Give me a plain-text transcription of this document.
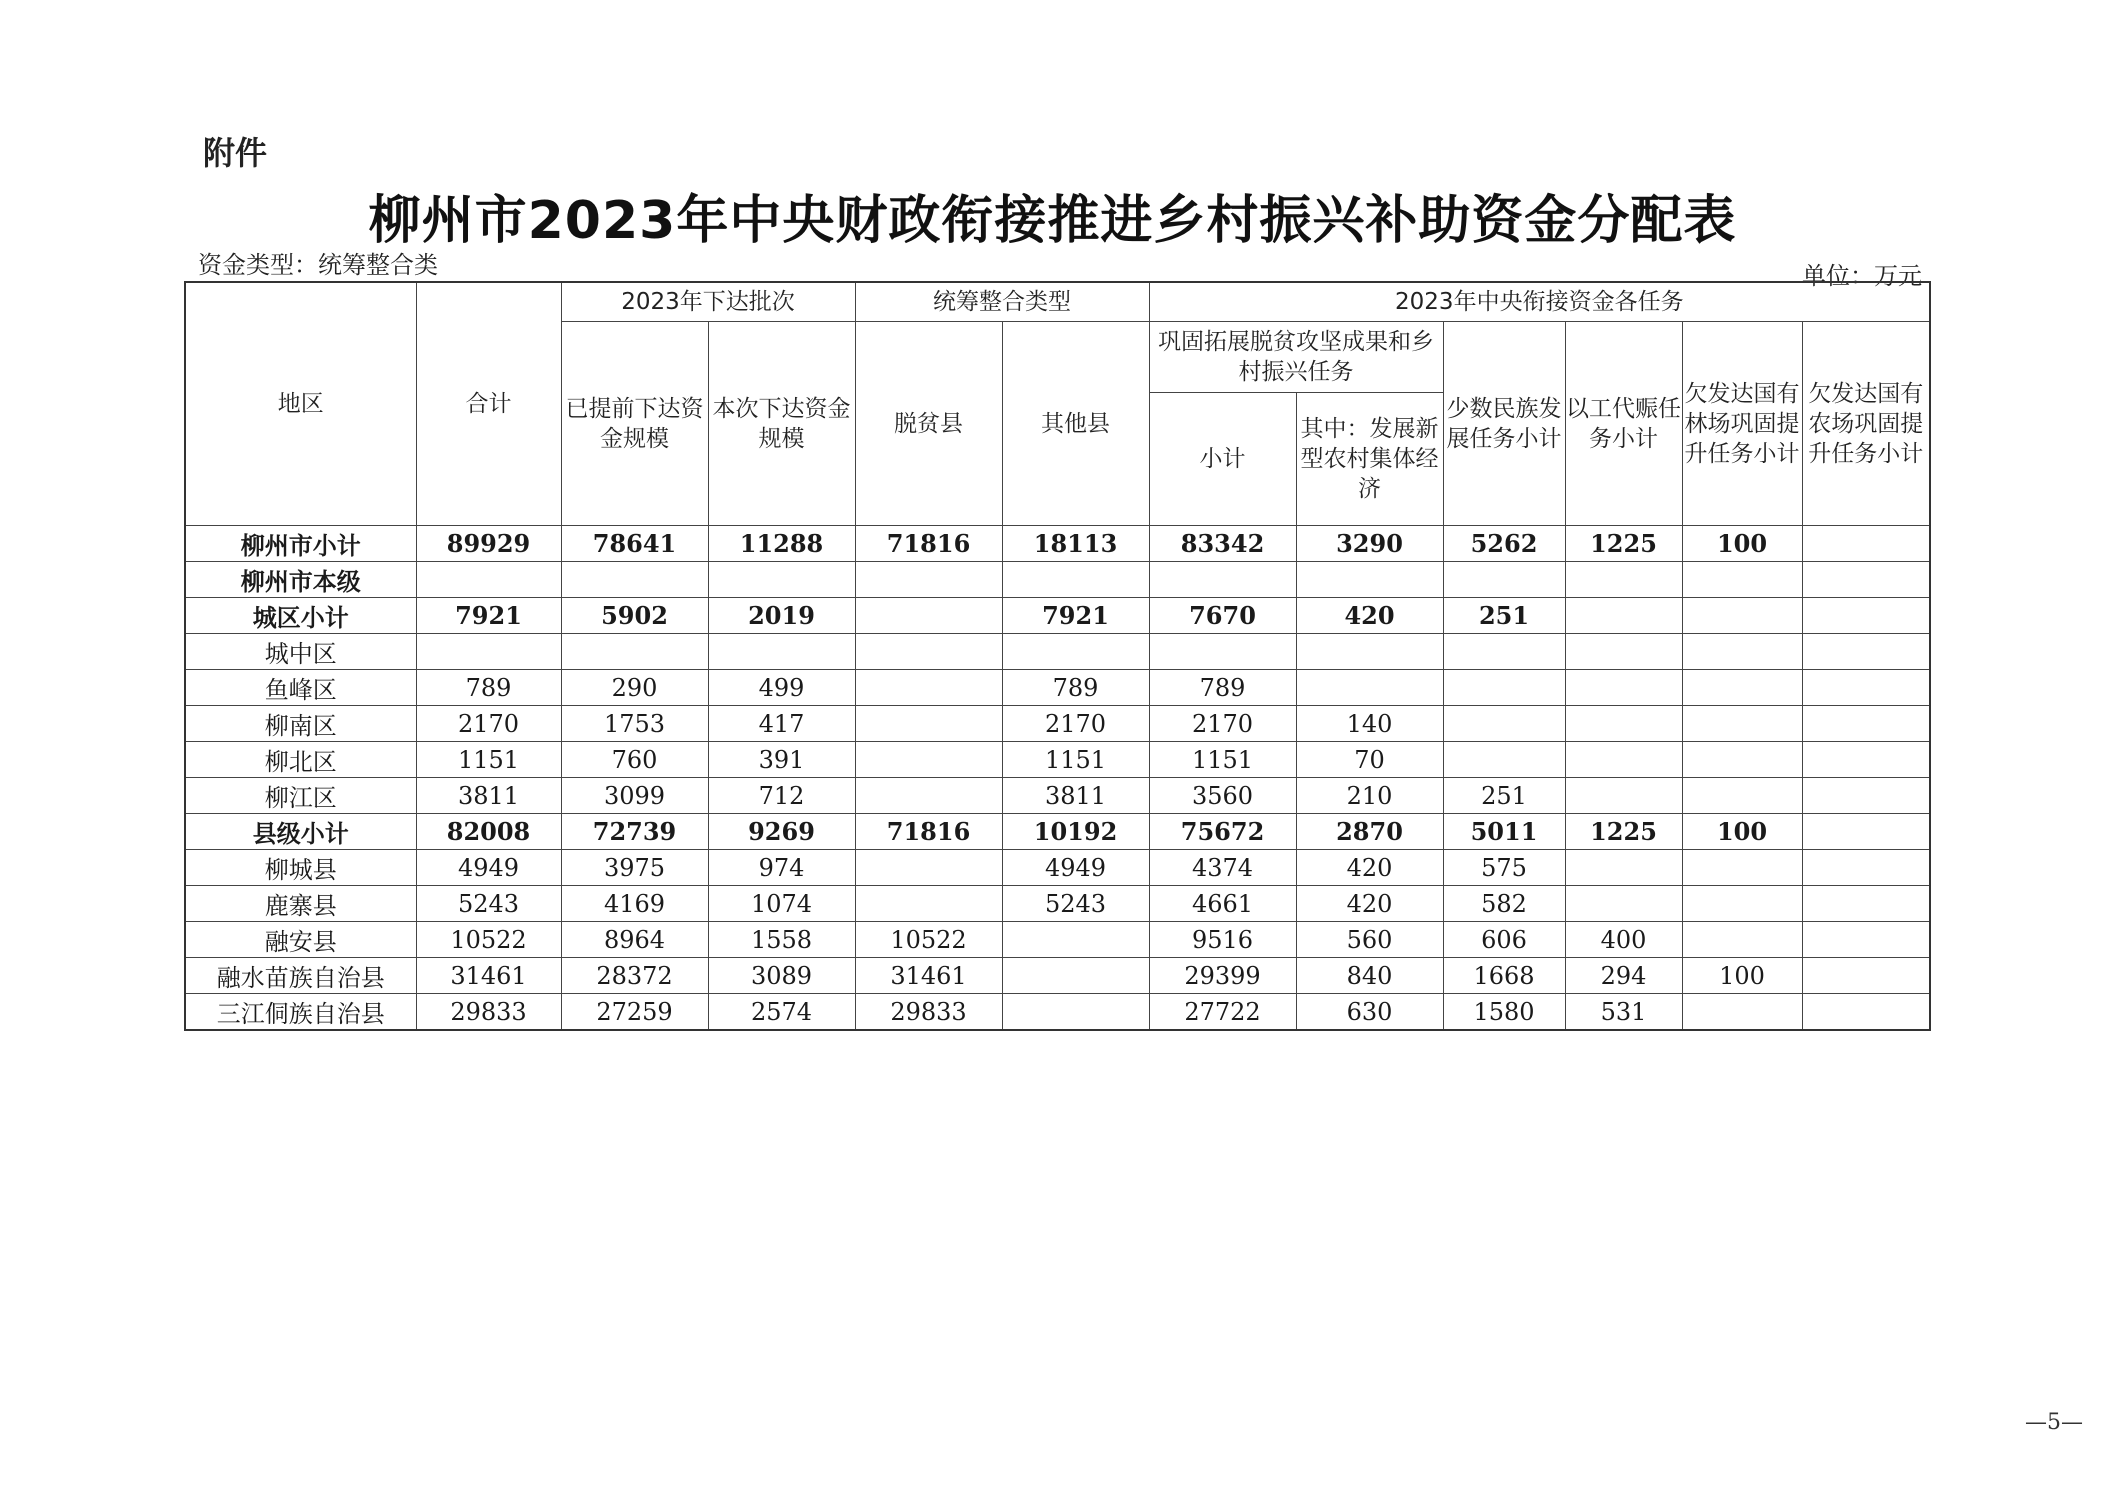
附件
柳州市2023年中央财政衔接推进乡村振兴补助资金分配表
资金类型：统筹整合类	单位：万元
地区	合计	2023年下达批次		统筹整合类型		2023年中央衔接资金各任务					
		已提前下达资金规模	本次下达资金规模	脱贫县	其他县	巩固拓展脱贫攻坚成果和乡村振兴任务		少数民族发展任务小计	以工代赈任务小计	欠发达国有林场巩固提升任务小计	欠发达国有农场巩固提升任务小计
						小计	其中：发展新型农村集体经济				
柳州市小计	89929	78641	11288	71816	18113	83342	3290	5262	1225	100	
柳州市本级											
城区小计	7921	5902	2019		7921	7670	420	251			
城中区											
鱼峰区	789	290	499		789	789					
柳南区	2170	1753	417		2170	2170	140				
柳北区	1151	760	391		1151	1151	70				
柳江区	3811	3099	712		3811	3560	210	251			
县级小计	82008	72739	9269	71816	10192	75672	2870	5011	1225	100	
柳城县	4949	3975	974		4949	4374	420	575			
鹿寨县	5243	4169	1074		5243	4661	420	582			
融安县	10522	8964	1558	10522		9516	560	606	400		
融水苗族自治县	31461	28372	3089	31461		29399	840	1668	294	100	
三江侗族自治县	29833	27259	2574	29833		27722	630	1580	531		
—5—
